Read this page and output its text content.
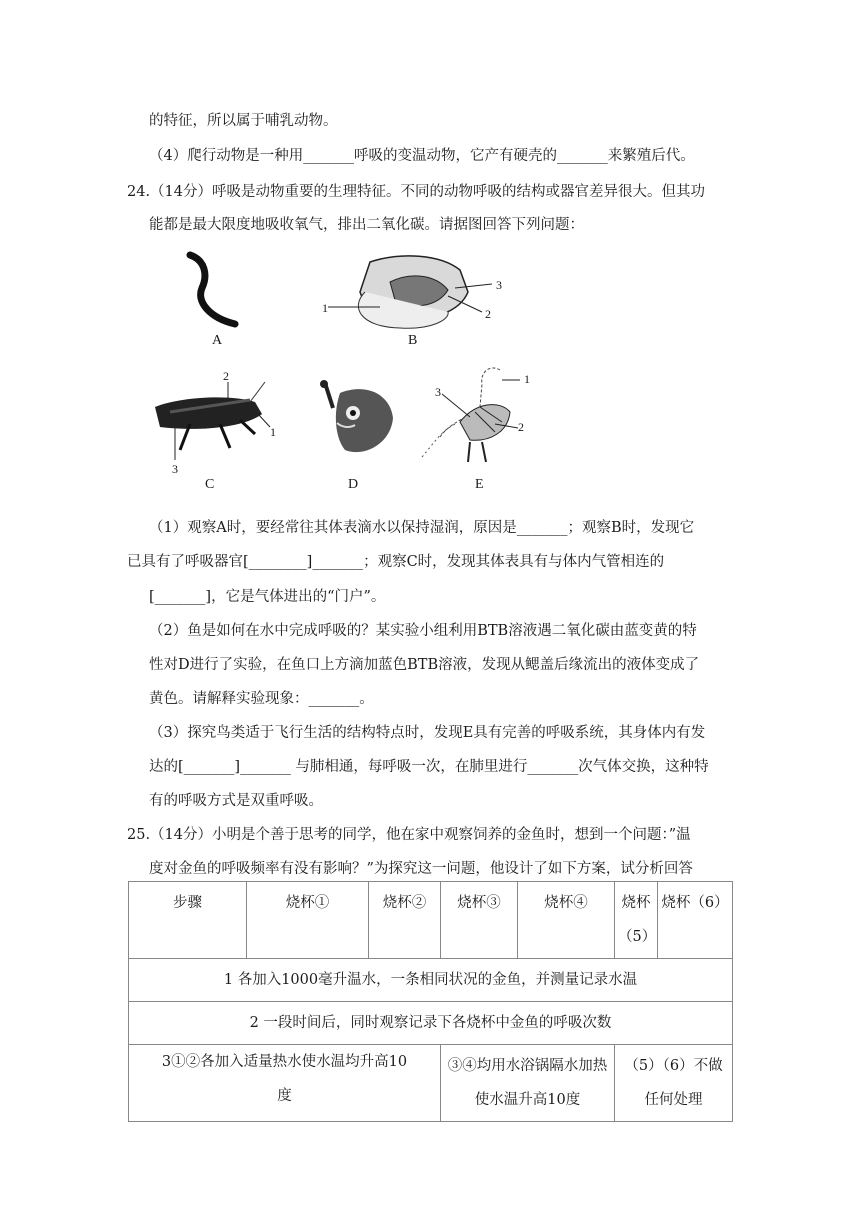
的特征，所以属于哺乳动物。
（4）爬行动物是一种用_______呼吸的变温动物，它产有硬壳的_______来繁殖后代。
24.（14分）呼吸是动物重要的生理特征。不同的动物呼吸的结构或器官差异很大。但其功
能都是最大限度地吸收氧气，排出二氧化碳。请据图回答下列问题：
A
1
3
2
B
2
1
3
C	D
1
3
2
E
（1）观察A时，要经常往其体表滴水以保持湿润，原因是_______；观察B时，发现它
已具有了呼吸器官[________]_______；观察C时，发现其体表具有与体内气管相连的
[_______]，它是气体进出的“门户”。
（2）鱼是如何在水中完成呼吸的？某实验小组利用BTB溶液遇二氧化碳由蓝变黄的特
性对D进行了实验，在鱼口上方滴加蓝色BTB溶液，发现从鳃盖后缘流出的液体变成了
黄色。请解释实验现象：_______。
（3）探究鸟类适于飞行生活的结构特点时，发现E具有完善的呼吸系统，其身体内有发
达的[_______]_______ 与肺相通，每呼吸一次，在肺里进行_______次气体交换，这种特
有的呼吸方式是双重呼吸。
25.（14分）小明是个善于思考的同学，他在家中观察饲养的金鱼时，想到一个问题：”温
度对金鱼的呼吸频率有没有影响？”为探究这一问题，他设计了如下方案，试分析回答
步骤	烧杯①	烧杯②	烧杯③	烧杯④	烧杯（5）	烧杯（6）
1 各加入1000毫升温水，一条相同状况的金鱼，并测量记录水温						
2 一段时间后，同时观察记录下各烧杯中金鱼的呼吸次数						
3①②各加入适量热水使水温均升高10度			③④均用水浴锅隔水加热使水温升高10度		（5）（6）不做任何处理	
